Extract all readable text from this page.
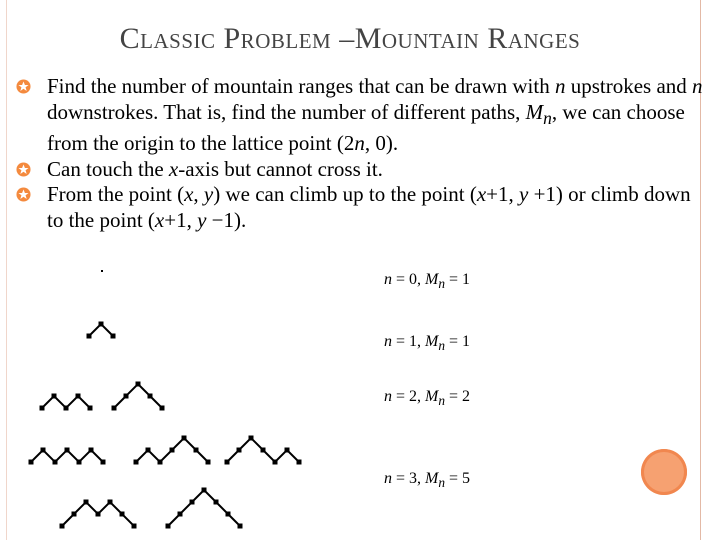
Classic Problem –Mountain Ranges
Find the number of mountain ranges that can be drawn with n upstrokes and n downstrokes. That is, find the number of different paths, $M_n$, we can choose from the origin to the lattice point (2n, 0).
Can touch the x-axis but cannot cross it.
From the point (x, y) we can climb up to the point (x+1, y +1) or climb down to the point (x+1, y −1).
n = 0, $M_n = 1$
n = 1, $M_n = 1$
n = 2, $M_n = 2$
n = 3, $M_n = 5$
